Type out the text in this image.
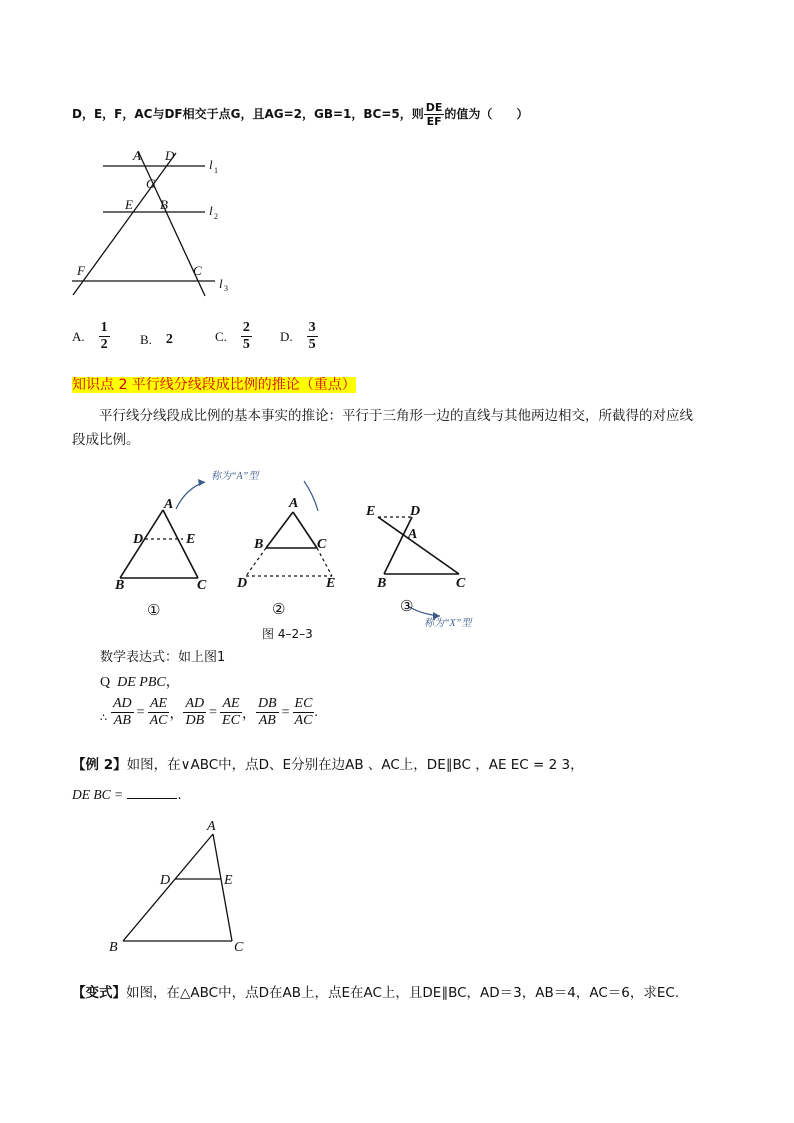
D，E，F，AC与DF相交于点G，且AG=2，GB=1，BC=5，则 $\frac{DE}{EF}$ 的值为（　　）
A D
G
E B
F	C
l
l
l
1
2
3
A. $\frac{1}{2} B$. 2	C. $\frac{2}{5} D$. $\frac{3}{5}$
知识点 2 平行线分线段成比例的推论（重点）
平行线分线段成比例的基本事实的推论：平行于三角形一边的直线与其他两边相交，所截得的对应线
段成比例。
A
D	E
B	C
A
B	C
D	E
E D
A
B	C
①	②	③
称为“A”型
称为“X”型
图 4–2–3
数学表达式：如上图1
Q DE PBC，
∴ $\frac{AD}{AB} = \frac{AE}{AC}$ ， $\frac{AD}{DB} = \frac{AE}{EC}$ ， $\frac{DB}{AB} = \frac{EC}{AC}$ .
【例 2】如图，在∨ABC中，点D、E分别在边AB 、AC上，DE∥BC ，AE EC = 2 3，
DE BC =	.
A
D	E
B	C
【变式】如图，在△ABC中，点D在AB上，点E在AC上，且DE∥BC，AD＝3，AB＝4，AC＝6，求EC.
